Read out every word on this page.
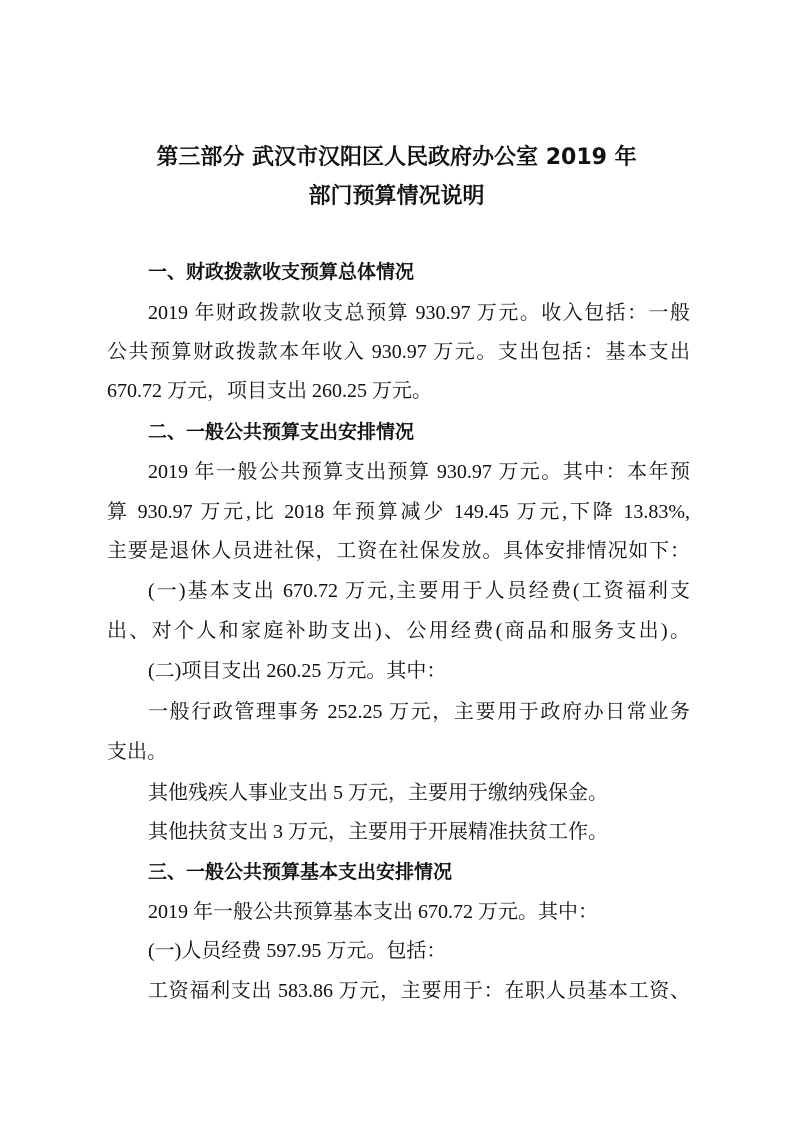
第三部分 武汉市汉阳区人民政府办公室 2019 年
部门预算情况说明
一、财政拨款收支预算总体情况
2019 年财政拨款收支总预算 930.97 万元。收入包括：一般
公共预算财政拨款本年收入 930.97 万元。支出包括：基本支出
670.72 万元，项目支出 260.25 万元。
二、一般公共预算支出安排情况
2019 年一般公共预算支出预算 930.97 万元。其中：本年预
算 930.97 万元,比 2018 年预算减少 149.45 万元,下降 13.83%,
主要是退休人员进社保，工资在社保发放。具体安排情况如下：
(一)基本支出 670.72 万元,主要用于人员经费(工资福利支
出、对个人和家庭补助支出)、公用经费(商品和服务支出)。
(二)项目支出 260.25 万元。其中：
一般行政管理事务 252.25 万元，主要用于政府办日常业务
支出。
其他残疾人事业支出 5 万元，主要用于缴纳残保金。
其他扶贫支出 3 万元，主要用于开展精准扶贫工作。
三、一般公共预算基本支出安排情况
2019 年一般公共预算基本支出 670.72 万元。其中：
(一)人员经费 597.95 万元。包括：
工资福利支出 583.86 万元，主要用于：在职人员基本工资、
